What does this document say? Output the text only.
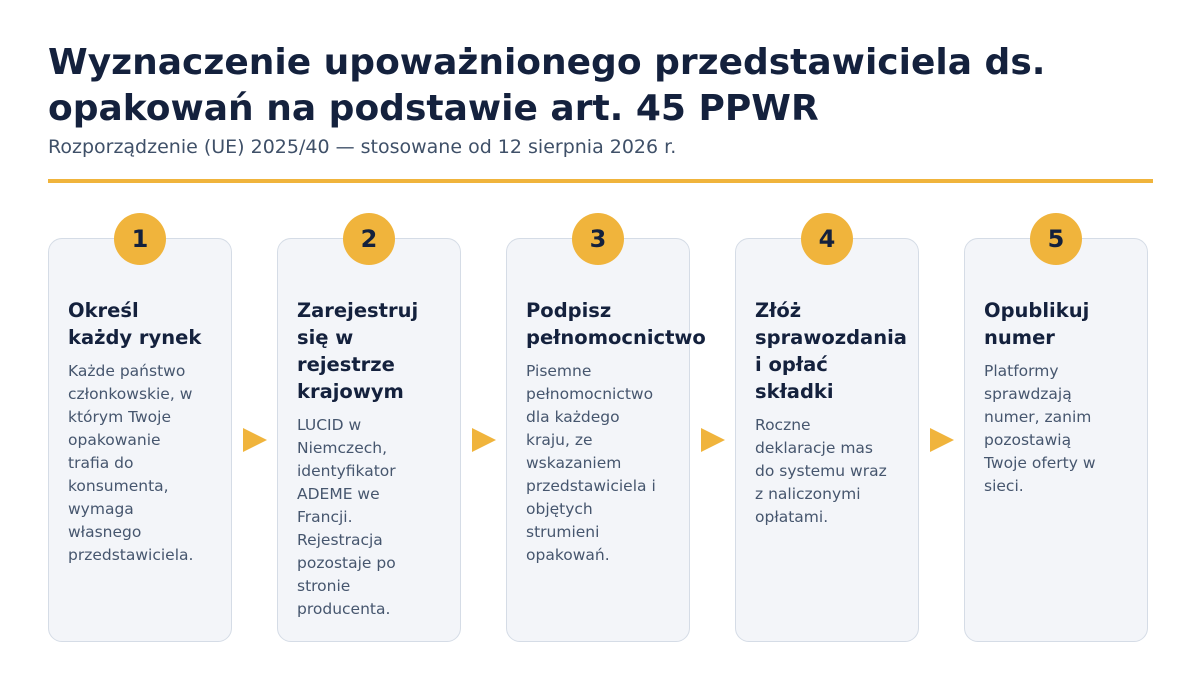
Wyznaczenie upoważnionego przedstawiciela ds. opakowań na podstawie art. 45 PPWR
Rozporządzenie (UE) 2025/40 — stosowane od 12 sierpnia 2026 r.
Określ
każdy rynek

Każde państwo
członkowskie, w
którym Twoje
opakowanie
trafia do
konsumenta,
wymaga
własnego
przedstawiciela.

1
Zarejestruj
się w
rejestrze
krajowym

LUCID w
Niemczech,
identyfikator
ADEME we
Francji.
Rejestracja
pozostaje po
stronie
producenta.

2
Podpisz
pełnomocnictwo

Pisemne
pełnomocnictwo
dla każdego
kraju, ze
wskazaniem
przedstawiciela i
objętych
strumieni
opakowań.

3
Złóż
sprawozdania
i opłać
składki

Roczne
deklaracje mas
do systemu wraz
z naliczonymi
opłatami.

4
Opublikuj
numer

Platformy
sprawdzają
numer, zanim
pozostawią
Twoje oferty w
sieci.

5
